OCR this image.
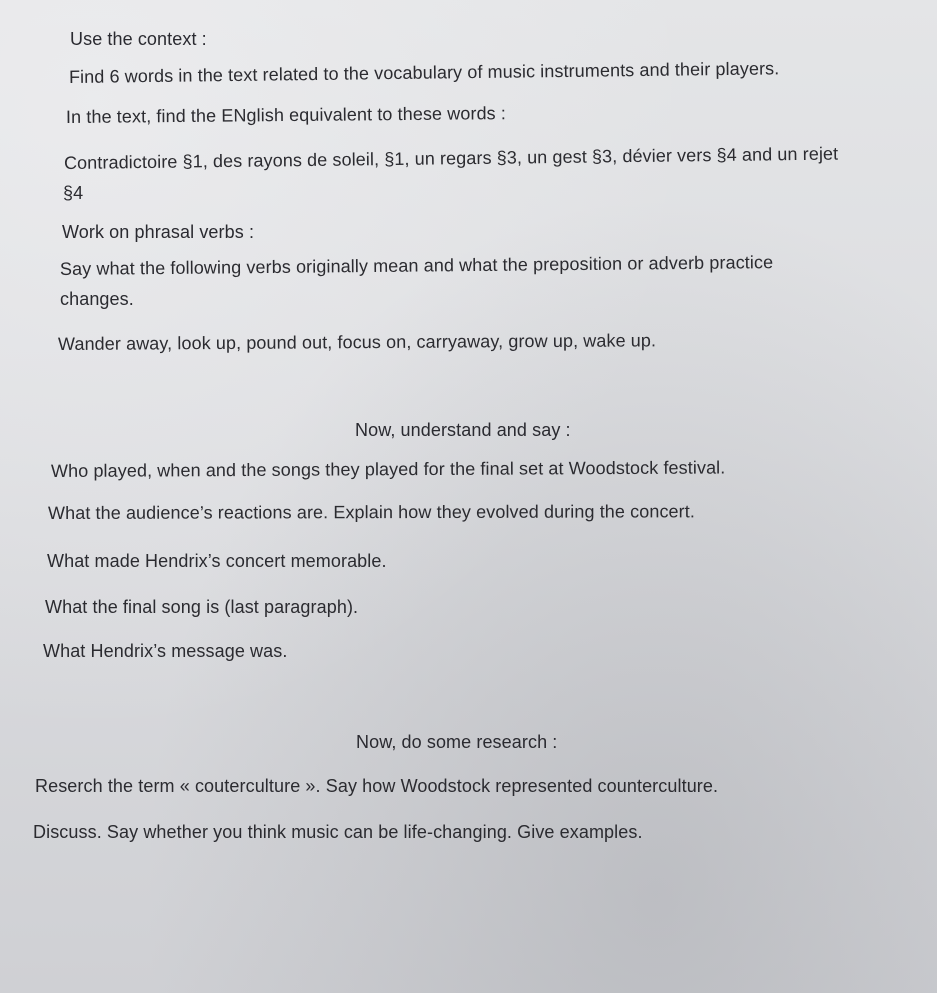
Use the context :

Find 6 words in the text related to the vocabulary of music instruments and their players.

In the text, find the ENglish equivalent to these words :

Contradictoire §1, des rayons de soleil, §1, un regars §3, un gest §3, dévier vers §4 and un rejet

§4

Work on phrasal verbs :

Say what the following verbs originally mean and what the preposition or adverb practice

changes.

Wander away, look up, pound out, focus on, carryaway, grow up, wake up.

Now, understand and say :

Who played, when and the songs they played for the final set at Woodstock festival.

What the audience’s reactions are. Explain how they evolved during the concert.

What made Hendrix’s concert memorable.

What the final song is (last paragraph).

What Hendrix’s message was.

Now, do some research :

Reserch the term « couterculture ». Say how Woodstock represented counterculture.

Discuss. Say whether you think music can be life-changing. Give examples.
